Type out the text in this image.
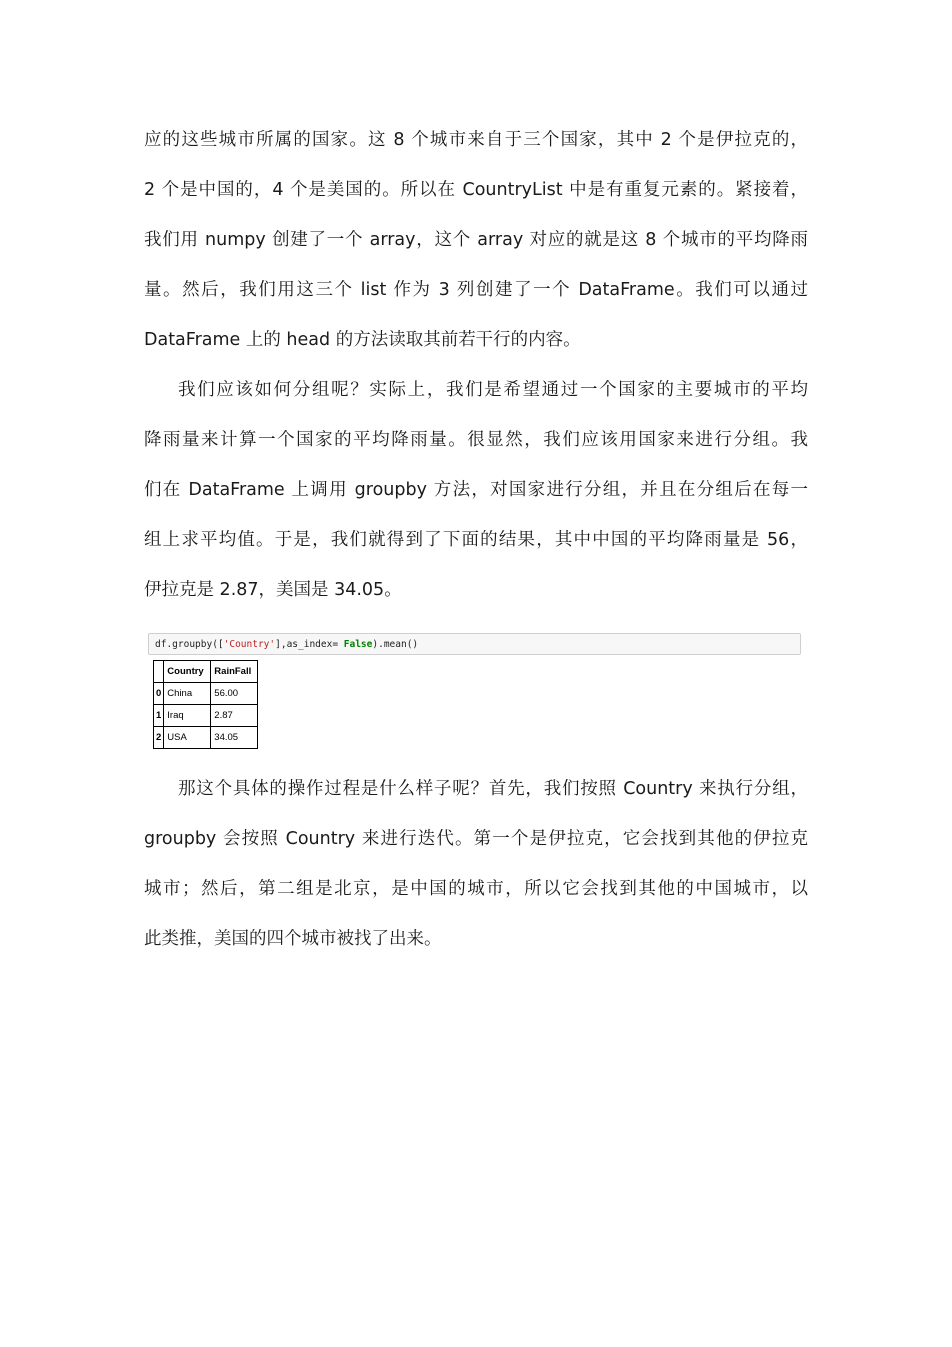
应的这些城市所属的国家。这 8 个城市来自于三个国家，其中 2 个是伊拉克的，
2 个是中国的，4 个是美国的。所以在 CountryList 中是有重复元素的。紧接着，
我们用 numpy 创建了一个 array，这个 array 对应的就是这 8 个城市的平均降雨
量。然后，我们用这三个 list 作为 3 列创建了一个 DataFrame。我们可以通过
DataFrame 上的 head 的方法读取其前若干行的内容。

我们应该如何分组呢？实际上，我们是希望通过一个国家的主要城市的平均
降雨量来计算一个国家的平均降雨量。很显然，我们应该用国家来进行分组。我
们在 DataFrame 上调用 groupby 方法，对国家进行分组，并且在分组后在每一
组上求平均值。于是，我们就得到了下面的结果，其中中国的平均降雨量是 56，
伊拉克是 2.87，美国是 34.05。

df.groupby(['Country'],as_index= False).mean()
	Country	RainFall
0	China	56.00
1	Iraq	2.87
2	USA	34.05

那这个具体的操作过程是什么样子呢？首先，我们按照 Country 来执行分组，
groupby 会按照 Country 来进行迭代。第一个是伊拉克，它会找到其他的伊拉克
城市；然后，第二组是北京，是中国的城市，所以它会找到其他的中国城市，以
此类推，美国的四个城市被找了出来。
